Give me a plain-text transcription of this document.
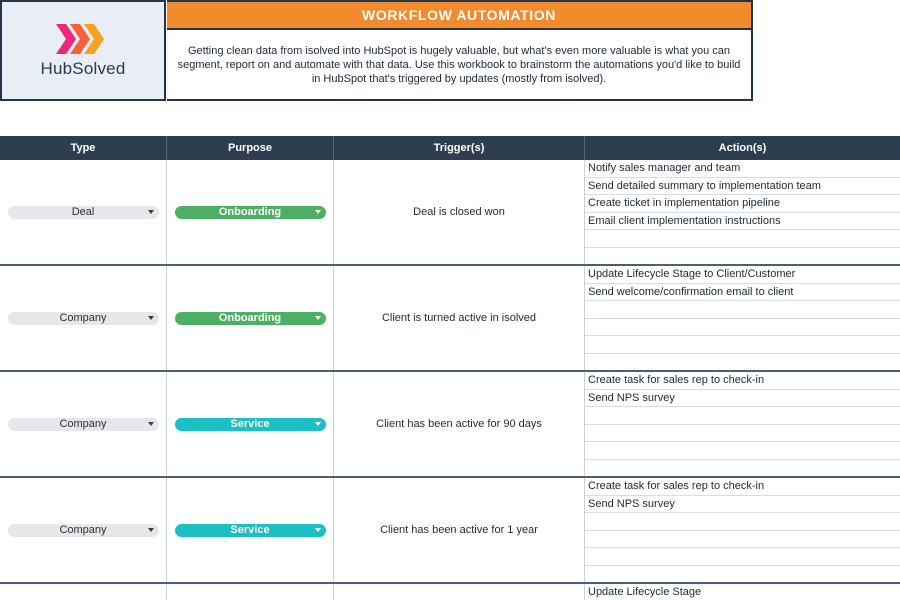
HubSolved
WORKFLOW AUTOMATION
Getting clean data from isolved into HubSpot is hugely valuable, but what's even more valuable is what you can segment, report on and automate with that data. Use this workbook to brainstorm the automations you'd like to build in HubSpot that's triggered by updates (mostly from isolved).
Type	Purpose	Trigger(s)	Action(s)
Deal	Onboarding	Deal is closed won
Notify sales manager and team
Send detailed summary to implementation team
Create ticket in implementation pipeline
Email client implementation instructions
Company	Onboarding	Client is turned active in isolved
Update Lifecycle Stage to Client/Customer
Send welcome/confirmation email to client
Company	Service	Client has been active for 90 days
Create task for sales rep to check-in
Send NPS survey
Company	Service	Client has been active for 1 year
Create task for sales rep to check-in
Send NPS survey
Update Lifecycle Stage
